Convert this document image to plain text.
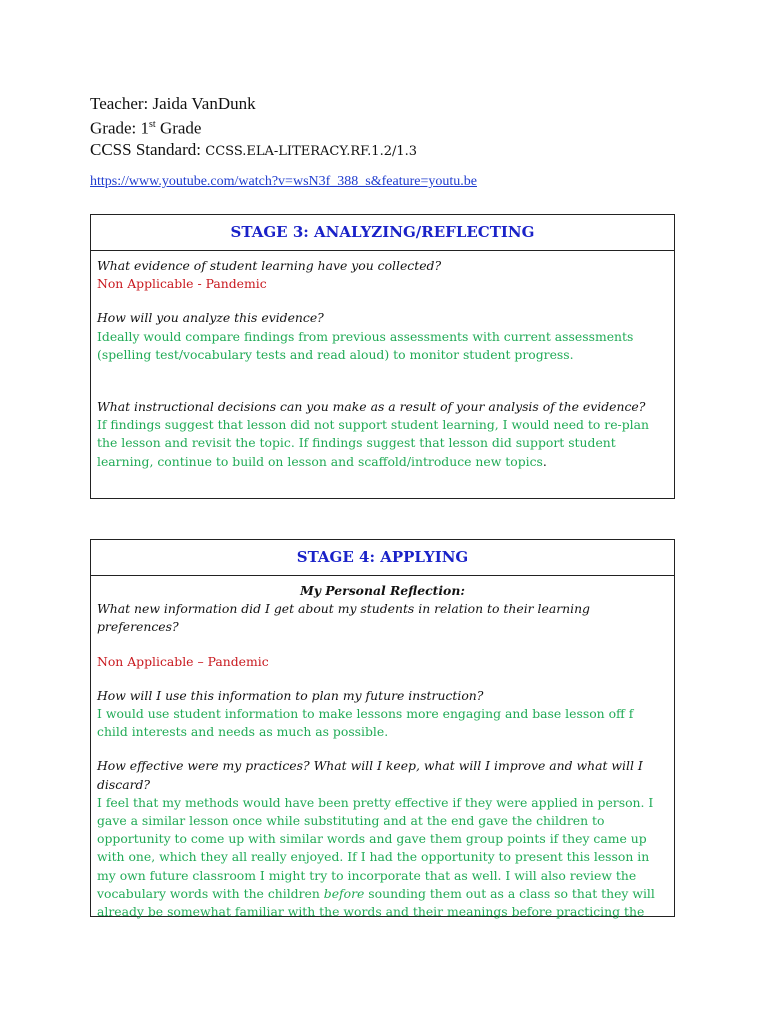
Teacher: Jaida VanDunk
Grade: 1st Grade
CCSS Standard: CCSS.ELA-LITERACY.RF.1.2/1.3
https://www.youtube.com/watch?v=wsN3f_388_s&feature=youtu.be
STAGE 3: ANALYZING/REFLECTING
What evidence of student learning have you collected?
Non Applicable - Pandemic
How will you analyze this evidence?
Ideally would compare findings from previous assessments with current assessments (spelling test/vocabulary tests and read aloud) to monitor student progress.
What instructional decisions can you make as a result of your analysis of the evidence?
If findings suggest that lesson did not support student learning, I would need to re-plan the lesson and revisit the topic. If findings suggest that lesson did support student learning, continue to build on lesson and scaffold/introduce new topics.
STAGE 4: APPLYING
My Personal Reflection:
What new information did I get about my students in relation to their learning preferences?
Non Applicable – Pandemic
How will I use this information to plan my future instruction?
I would use student information to make lessons more engaging and base lesson off f child interests and needs as much as possible.
How effective were my practices? What will I keep, what will I improve and what will I discard?
I feel that my methods would have been pretty effective if they were applied in person. I gave a similar lesson once while substituting and at the end gave the children to opportunity to come up with similar words and gave them group points if they came up with one, which they all really enjoyed. If I had the opportunity to present this lesson in my own future classroom I might try to incorporate that as well. I will also review the vocabulary words with the children before sounding them out as a class so that they will already be somewhat familiar with the words and their meanings before practicing the
